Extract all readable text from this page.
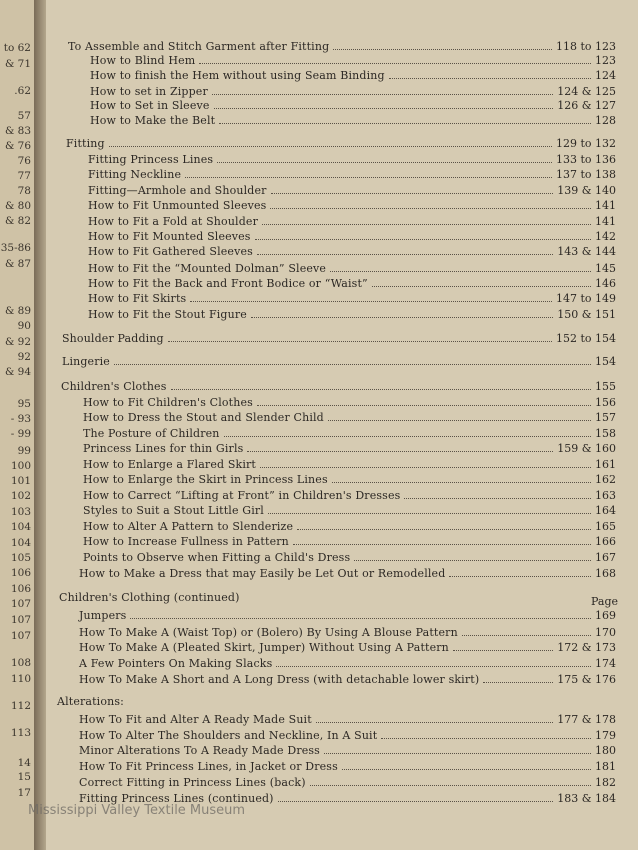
to 62
& 71
.62
57
& 83
& 76
76
77
78
& 80
& 82
35-86
& 87
& 89
90
& 92
92
& 94
95
- 93
- 99
99
100
101
102
103
104
104
105
106
106
107
107
107
108
110
112
113
14
15
17
Page
To Assemble and Stitch Garment after Fitting	118 to 123
How to Blind Hem	123
How to finish the Hem without using Seam Binding	124
How to set in Zipper	124 & 125
How to Set in Sleeve	126 & 127
How to Make the Belt	128
Fitting	129 to 132
Fitting Princess Lines	133 to 136
Fitting Neckline	137 to 138
Fitting—Armhole and Shoulder	139 & 140
How to Fit Unmounted Sleeves	141
How to Fit a Fold at Shoulder	141
How to Fit Mounted Sleeves	142
How to Fit Gathered Sleeves	143 & 144
How to Fit the “Mounted Dolman” Sleeve	145
How to Fit the Back and Front Bodice or “Waist”	146
How to Fit Skirts	147 to 149
How to Fit the Stout Figure	150 & 151
Shoulder Padding	152 to 154
Lingerie	154
Children's Clothes	155
How to Fit Children's Clothes	156
How to Dress the Stout and Slender Child	157
The Posture of Children	158
Princess Lines for thin Girls	159 & 160
How to Enlarge a Flared Skirt	161
How to Enlarge the Skirt in Princess Lines	162
How to Carrect “Lifting at Front” in Children's Dresses	163
Styles to Suit a Stout Little Girl	164
How to Alter A Pattern to Slenderize	165
How to Increase Fullness in Pattern	166
Points to Observe when Fitting a Child's Dress	167
How to Make a Dress that may Easily be Let Out or Remodelled	168
Children's Clothing (continued)
Jumpers	169
How To Make A (Waist Top) or (Bolero) By Using A Blouse Pattern	170
How To Make A (Pleated Skirt, Jumper) Without Using A Pattern	172 & 173
A Few Pointers On Making Slacks	174
How To Make A Short and A Long Dress (with detachable lower skirt)	175 & 176
Alterations:
How To Fit and Alter A Ready Made Suit	177 & 178
How To Alter The Shoulders and Neckline, In A Suit	179
Minor Alterations To A Ready Made Dress	180
How To Fit Princess Lines, in Jacket or Dress	181
Correct Fitting in Princess Lines (back)	182
Fitting Princess Lines (continued)	183 & 184
Mississippi Valley Textile Museum
